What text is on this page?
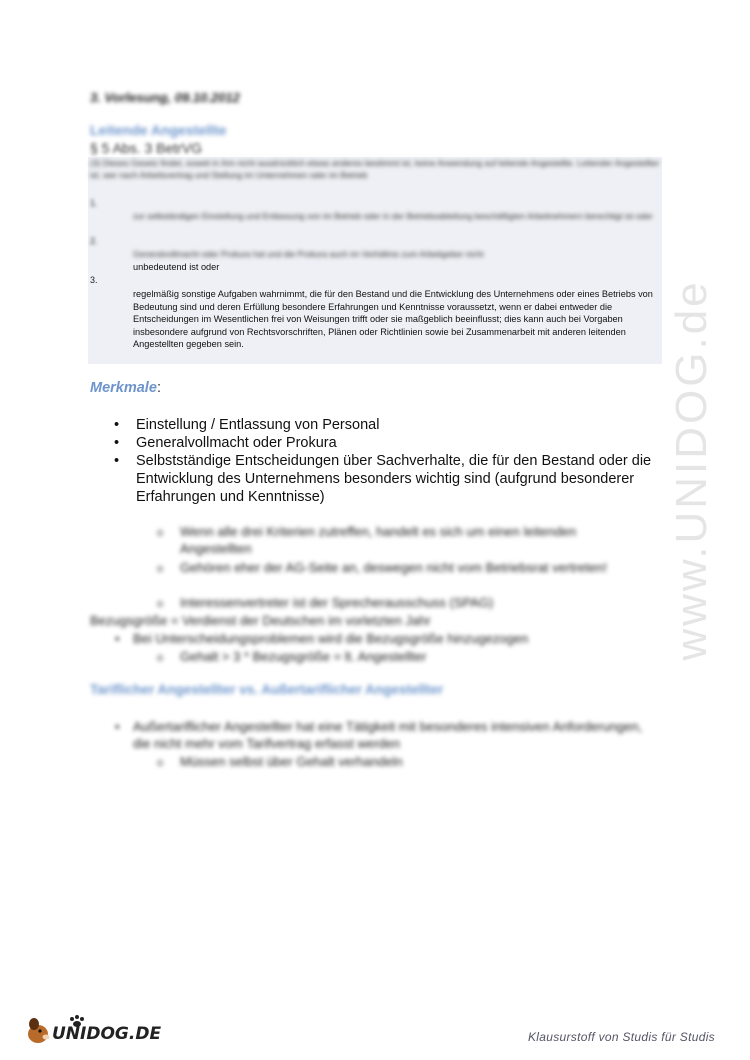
3. Vorlesung, 09.10.2012
Leitende Angestellte
§ 5 Abs. 3 BetrVG
(3) Dieses Gesetz findet, soweit in ihm nicht ausdrücklich etwas anderes bestimmt ist, keine Anwendung auf leitende Angestellte. Leitender Angestellter ist, wer nach Arbeitsvertrag und Stellung im Unternehmen oder im Betrieb
1.
zur selbständigen Einstellung und Entlassung von im Betrieb oder in der Betriebsabteilung beschäftigten Arbeitnehmern berechtigt ist oder
2.
Generalvollmacht oder Prokura hat und die Prokura auch im Verhältnis zum Arbeitgeber nicht
unbedeutend ist oder
3.
regelmäßig sonstige Aufgaben wahrnimmt, die für den Bestand und die Entwicklung des Unternehmens oder eines Betriebs von Bedeutung sind und deren Erfüllung besondere Erfahrungen und Kenntnisse voraussetzt, wenn er dabei entweder die Entscheidungen im Wesentlichen frei von Weisungen trifft oder sie maßgeblich beeinflusst; dies kann auch bei Vorgaben insbesondere aufgrund von Rechtsvorschriften, Plänen oder Richtlinien sowie bei Zusammenarbeit mit anderen leitenden Angestellten gegeben sein.
Merkmale :
• Einstellung / Entlassung von Personal
• Generalvollmacht oder Prokura
• Selbstständige Entscheidungen über Sachverhalte, die für den Bestand oder die Entwicklung des Unternehmens besonders wichtig sind (aufgrund besonderer Erfahrungen und Kenntnisse)
o Wenn alle drei Kriterien zutreffen, handelt es sich um einen leitenden Angestellten
o Gehören eher der AG-Seite an, deswegen nicht vom Betriebsrat vertreten!
o Interessenvertreter ist der Sprecherausschuss (SPAG)
Bezugsgröße = Verdienst der Deutschen im vorletzten Jahr
• Bei Unterscheidungsproblemen wird die Bezugsgröße hinzugezogen
o Gehalt > 3 * Bezugsgröße = lt. Angestellter
Tariflicher Angestellter vs. Außertariflicher Angestellter
• Außertariflicher Angestellter hat eine Tätigkeit mit besonderes intensiven Anforderungen, die nicht mehr vom Tarifvertrag erfasst werden
o Müssen selbst über Gehalt verhandeln
www.UNIDOG.de
UNIDOG.DE	Klausurstoff von Studis für Studis
